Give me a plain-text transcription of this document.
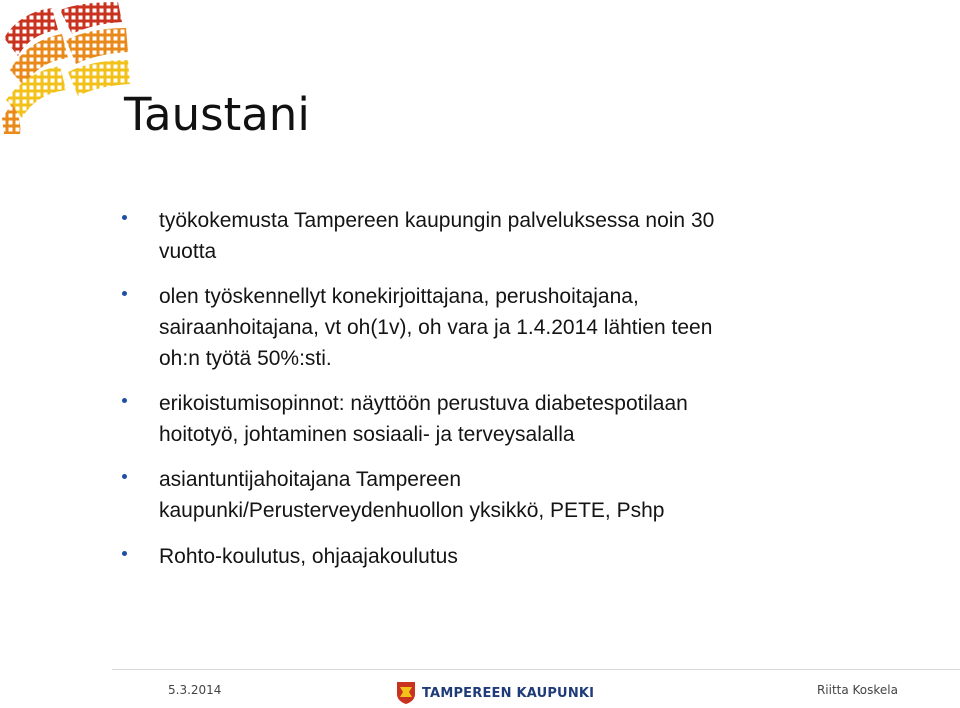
Taustani
työkokemusta Tampereen kaupungin palveluksessa noin 30
vuotta
olen työskennellyt konekirjoittajana, perushoitajana,
sairaanhoitajana, vt oh(1v), oh vara ja 1.4.2014 lähtien teen
oh:n työtä 50%:sti.
erikoistumisopinnot: näyttöön perustuva diabetespotilaan
hoitotyö, johtaminen sosiaali- ja terveysalalla
asiantuntijahoitajana Tampereen
kaupunki/Perusterveydenhuollon yksikkö, PETE, Pshp
Rohto-koulutus, ohjaajakoulutus
5.3.2014	TAMPEREEN KAUPUNKI	Riitta Koskela
